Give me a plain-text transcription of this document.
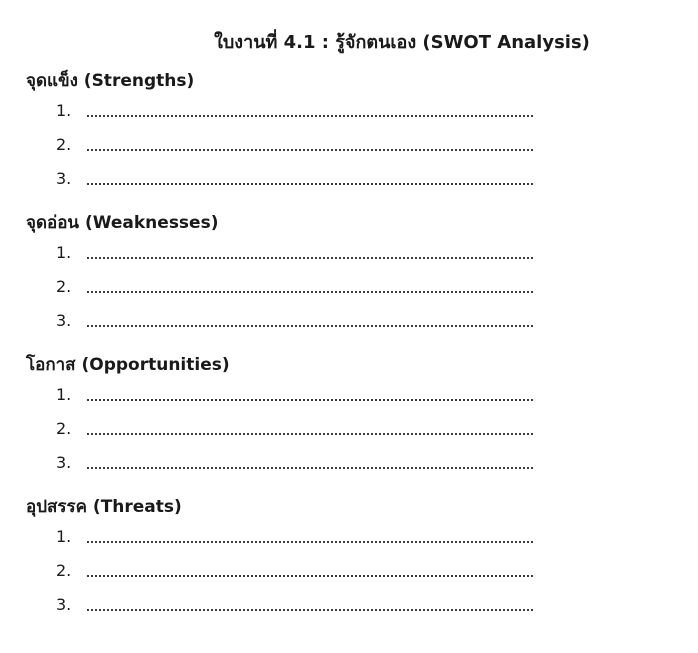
ใบงานที่ 4.1 : รู้จักตนเอง (SWOT Analysis)
จุดแข็ง (Strengths)
1.
2.
3.
จุดอ่อน (Weaknesses)
1.
2.
3.
โอกาส (Opportunities)
1.
2.
3.
อุปสรรค (Threats)
1.
2.
3.
